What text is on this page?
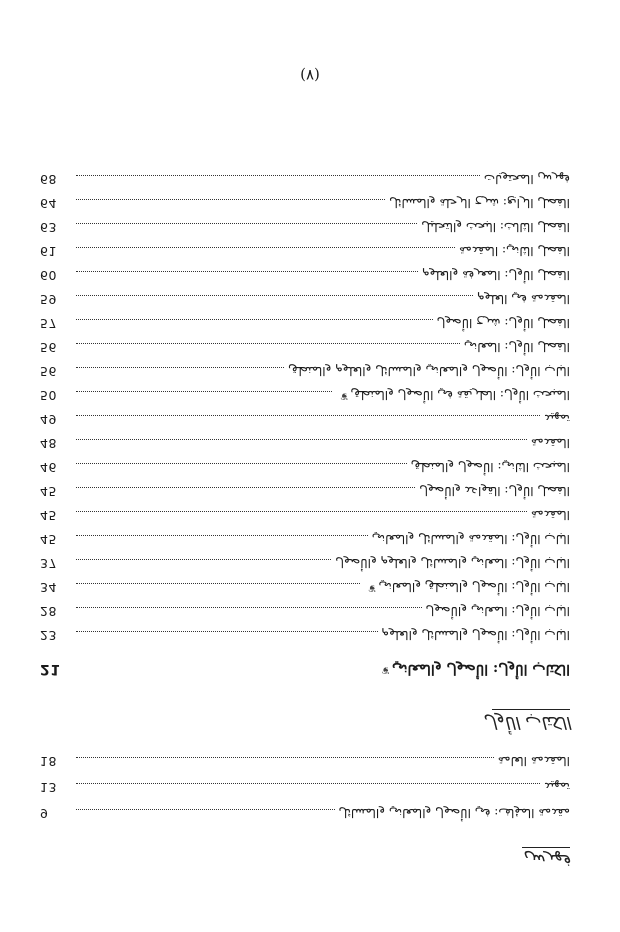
(٧)
فهرس
9	مقدمة المؤلف: في الأصول والمعاني والمسائل
13	تمهيد
18	المقدمة العامة
الكتاب الأول
21	❦ الكتاب الأول: الأصول والمعاني
23	الباب الأول: الأصول والمسائل والعلوم
28	الباب الأول: المعاني والأصول
34	❦ الباب الأول: الأصول والمنطق والمعاني
37	الباب الأول: المعاني والمسائل والعلوم والأصول
45	الباب الأول: المقدمة والمسائل والمعاني
45	المقدمة
45	الفصل الأول: القواعد والأصول
46	المبحث الثاني: الأصول والمنطق
48	المقدمة
49	تمهيد
50	❦ المبحث الأول: الطريقة في الأصول والمنطق
56	الباب الأول: الأصول والمعاني والمسائل والعلوم والمنطق
56	الفصل الأول: المعاني
57	الفصل الأول: شرح الأصول
59	المقدمة في العلوم
60	الفصل الأول: المعرفة والعلوم
61	الفصل الثاني: المقدمة
63	الفصل الثالث: البحث والتحليل
64	الفصل الرابع: شرح الرحلة والمسائل
68	فهرس المحتويات
